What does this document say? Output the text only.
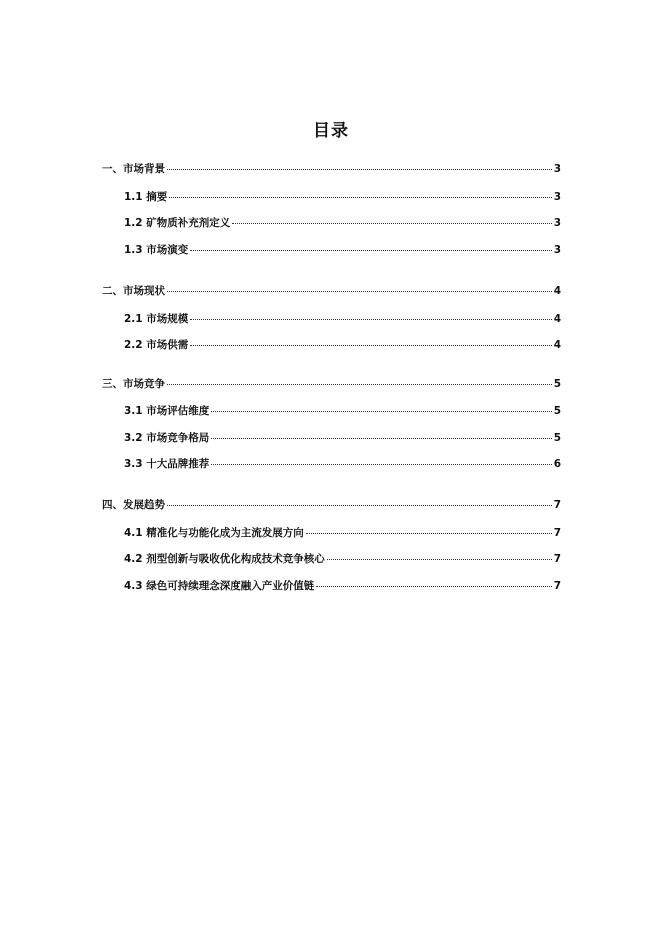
目录
一、市场背景	3
1.1 摘要	3
1.2 矿物质补充剂定义	3
1.3 市场演变	3
二、市场现状	4
2.1 市场规模	4
2.2 市场供需	4
三、市场竞争	5
3.1 市场评估维度	5
3.2 市场竞争格局	5
3.3 十大品牌推荐	6
四、发展趋势	7
4.1 精准化与功能化成为主流发展方向	7
4.2 剂型创新与吸收优化构成技术竞争核心	7
4.3 绿色可持续理念深度融入产业价值链	7
